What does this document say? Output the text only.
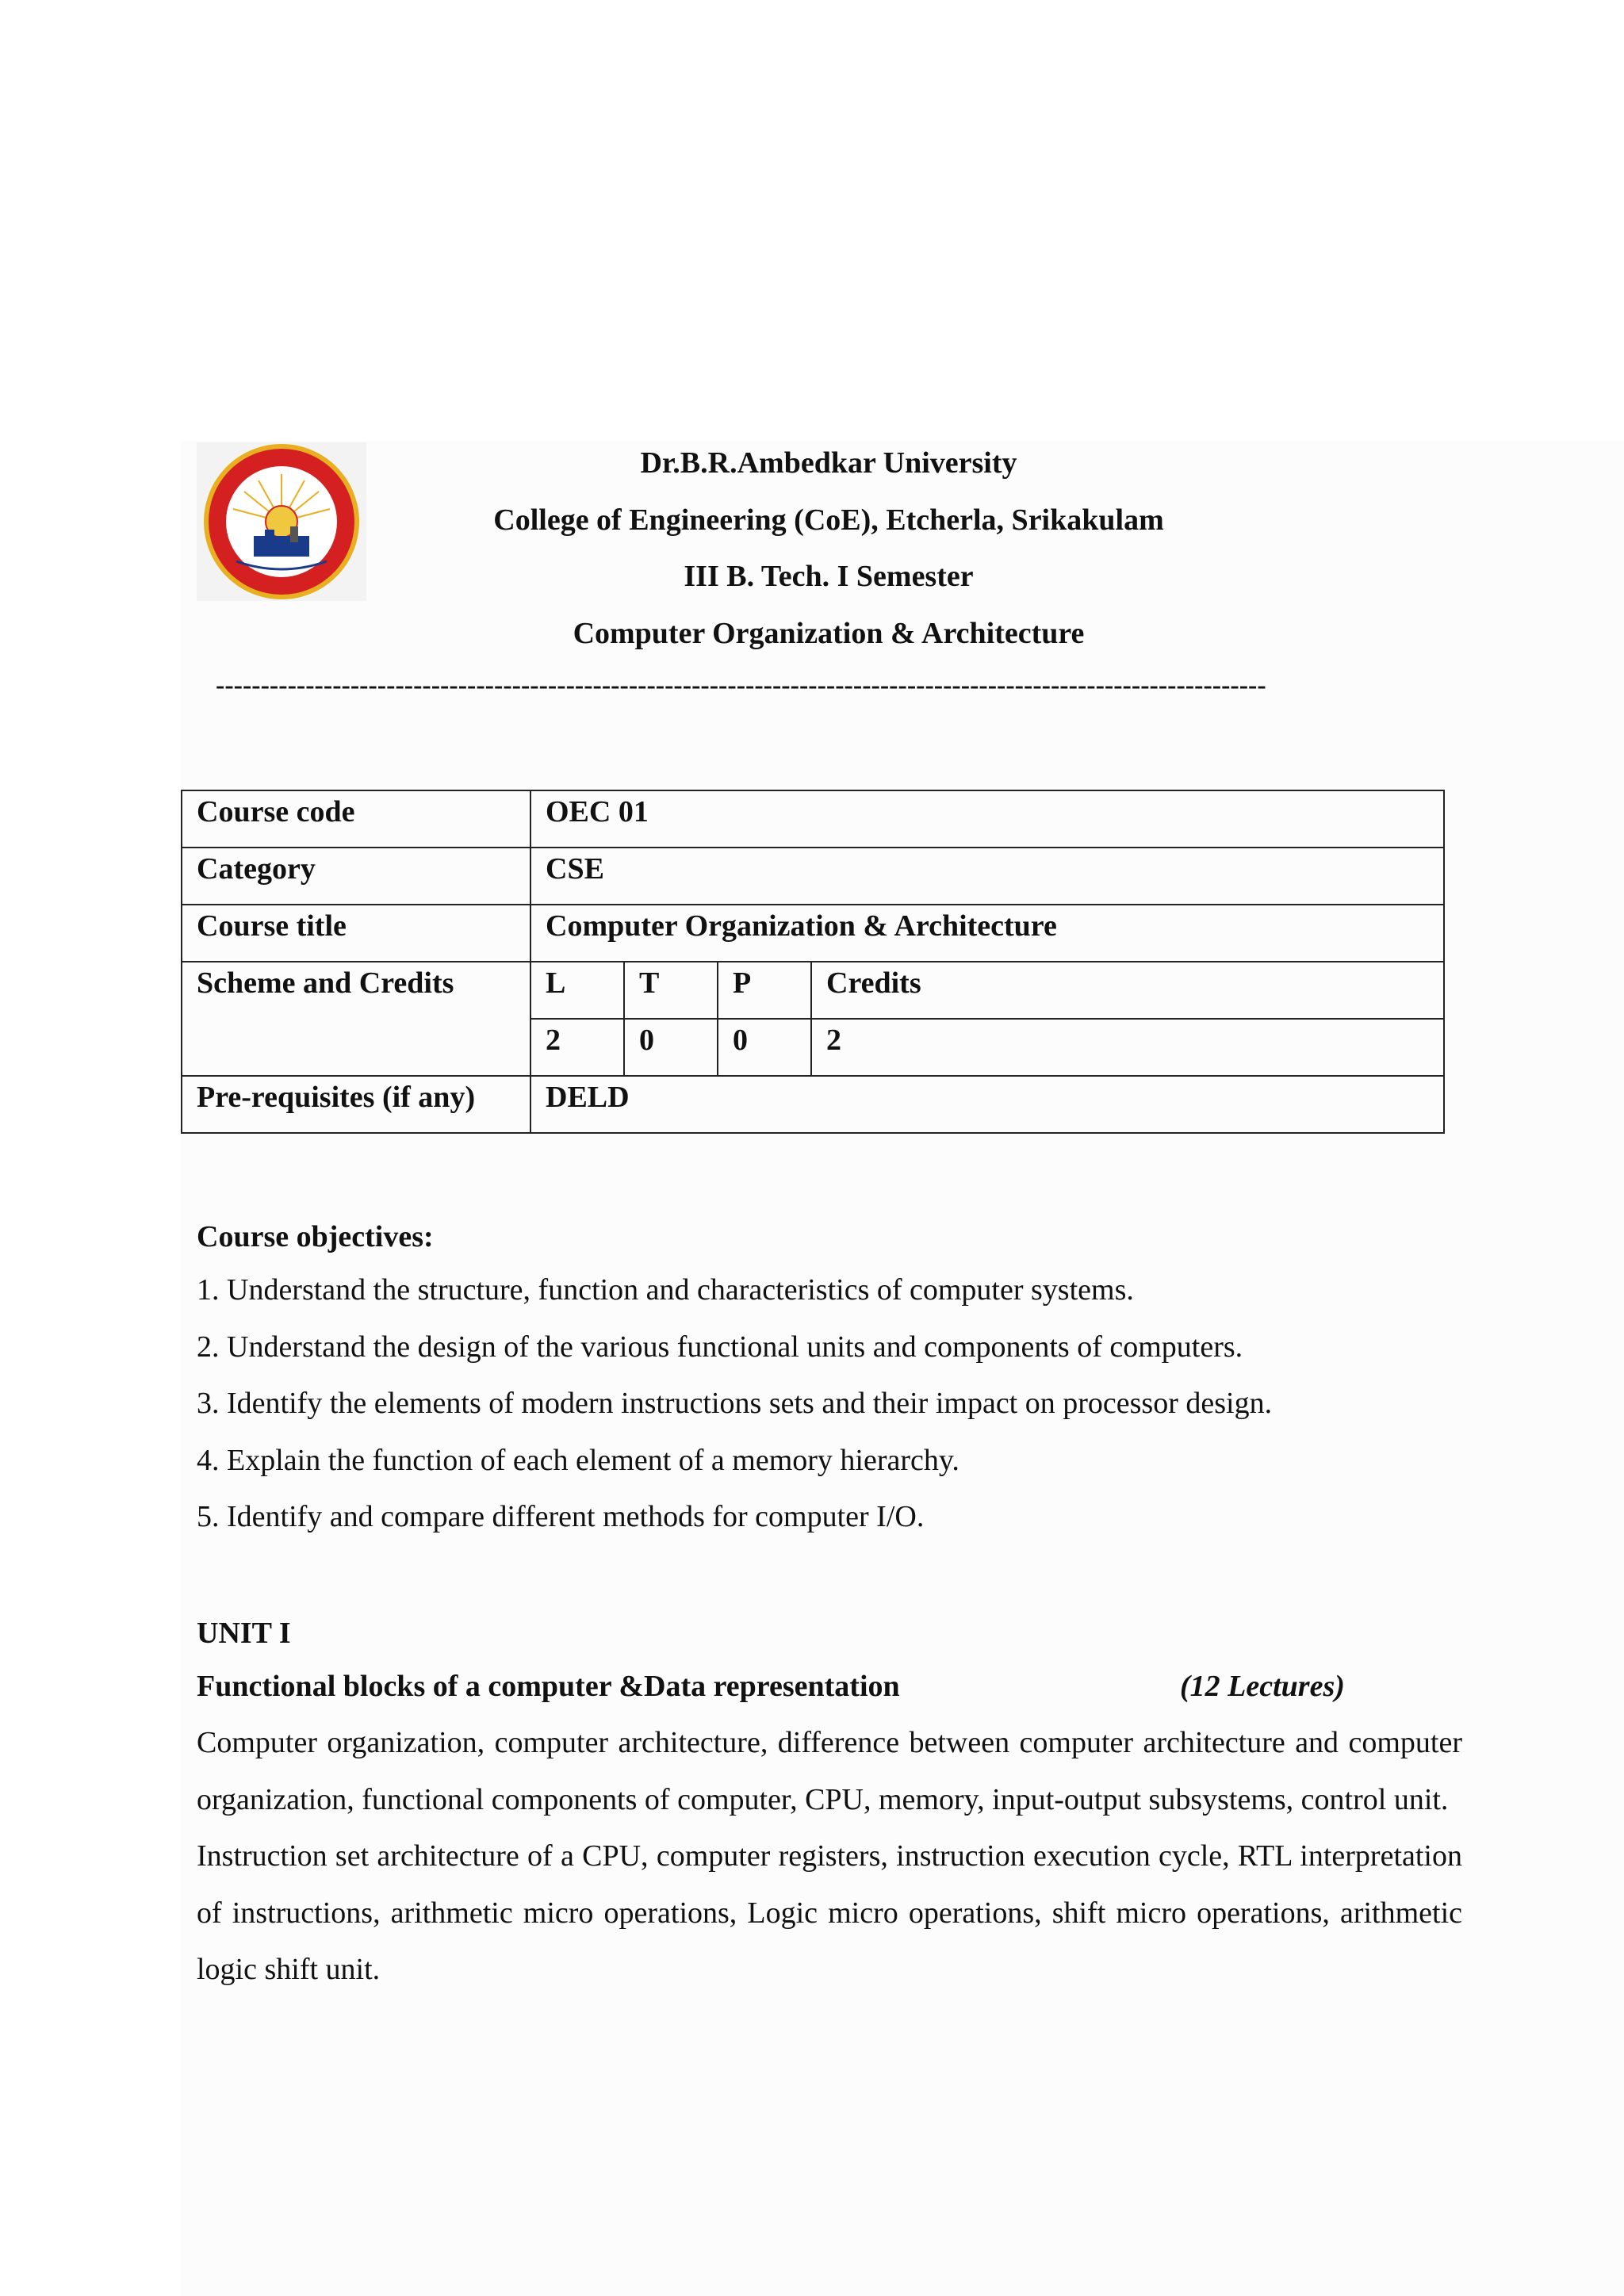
Dr.B.R.Ambedkar University
College of Engineering (CoE), Etcherla, Srikakulam
III B. Tech. I Semester
Computer Organization & Architecture
---------------------------------------------------------------------------------------------------------------------
Course code	OEC 01			
Category	CSE			
Course title	Computer Organization & Architecture			
Scheme and Credits	L	T	P	Credits
	2	0	0	2
Pre-requisites (if any)	DELD			
Course objectives:
1. Understand the structure, function and characteristics of computer systems.
2. Understand the design of the various functional units and components of computers.
3. Identify the elements of modern instructions sets and their impact on processor design.
4. Explain the function of each element of a memory hierarchy.
5. Identify and compare different methods for computer I/O.
UNIT I
Functional blocks of a computer &Data representation	(12 Lectures)

Computer organization, computer architecture, difference between computer architecture and computer organization, functional components of computer, CPU, memory, input-output subsystems, control unit.

Instruction set architecture of a CPU, computer registers, instruction execution cycle, RTL interpretation of instructions, arithmetic micro operations, Logic micro operations, shift micro operations, arithmetic logic shift unit.
